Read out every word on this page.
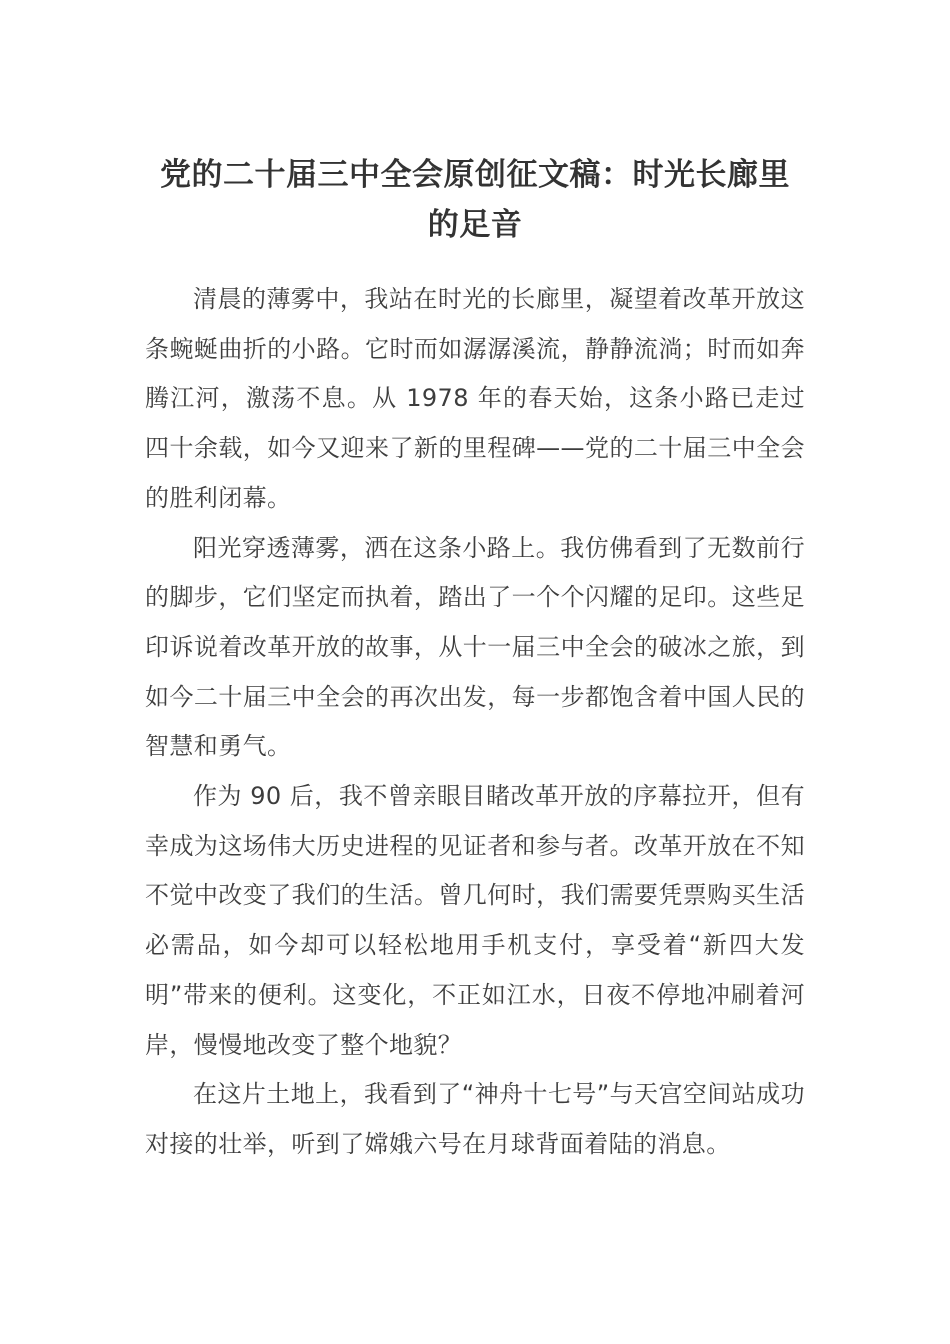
党的二十届三中全会原创征文稿：时光长廊里的足音

清晨的薄雾中，我站在时光的长廊里，凝望着改革开放这条蜿蜒曲折的小路。它时而如潺潺溪流，静静流淌；时而如奔腾江河，激荡不息。从 1978 年的春天始，这条小路已走过四十余载，如今又迎来了新的里程碑——党的二十届三中全会的胜利闭幕。

阳光穿透薄雾，洒在这条小路上。我仿佛看到了无数前行的脚步，它们坚定而执着，踏出了一个个闪耀的足印。这些足印诉说着改革开放的故事，从十一届三中全会的破冰之旅，到如今二十届三中全会的再次出发，每一步都饱含着中国人民的智慧和勇气。

作为 90 后，我不曾亲眼目睹改革开放的序幕拉开，但有幸成为这场伟大历史进程的见证者和参与者。改革开放在不知不觉中改变了我们的生活。曾几何时，我们需要凭票购买生活必需品，如今却可以轻松地用手机支付，享受着“新四大发明”带来的便利。这变化，不正如江水，日夜不停地冲刷着河岸，慢慢地改变了整个地貌？

在这片土地上，我看到了“神舟十七号”与天宫空间站成功对接的壮举，听到了嫦娥六号在月球背面着陆的消息。
